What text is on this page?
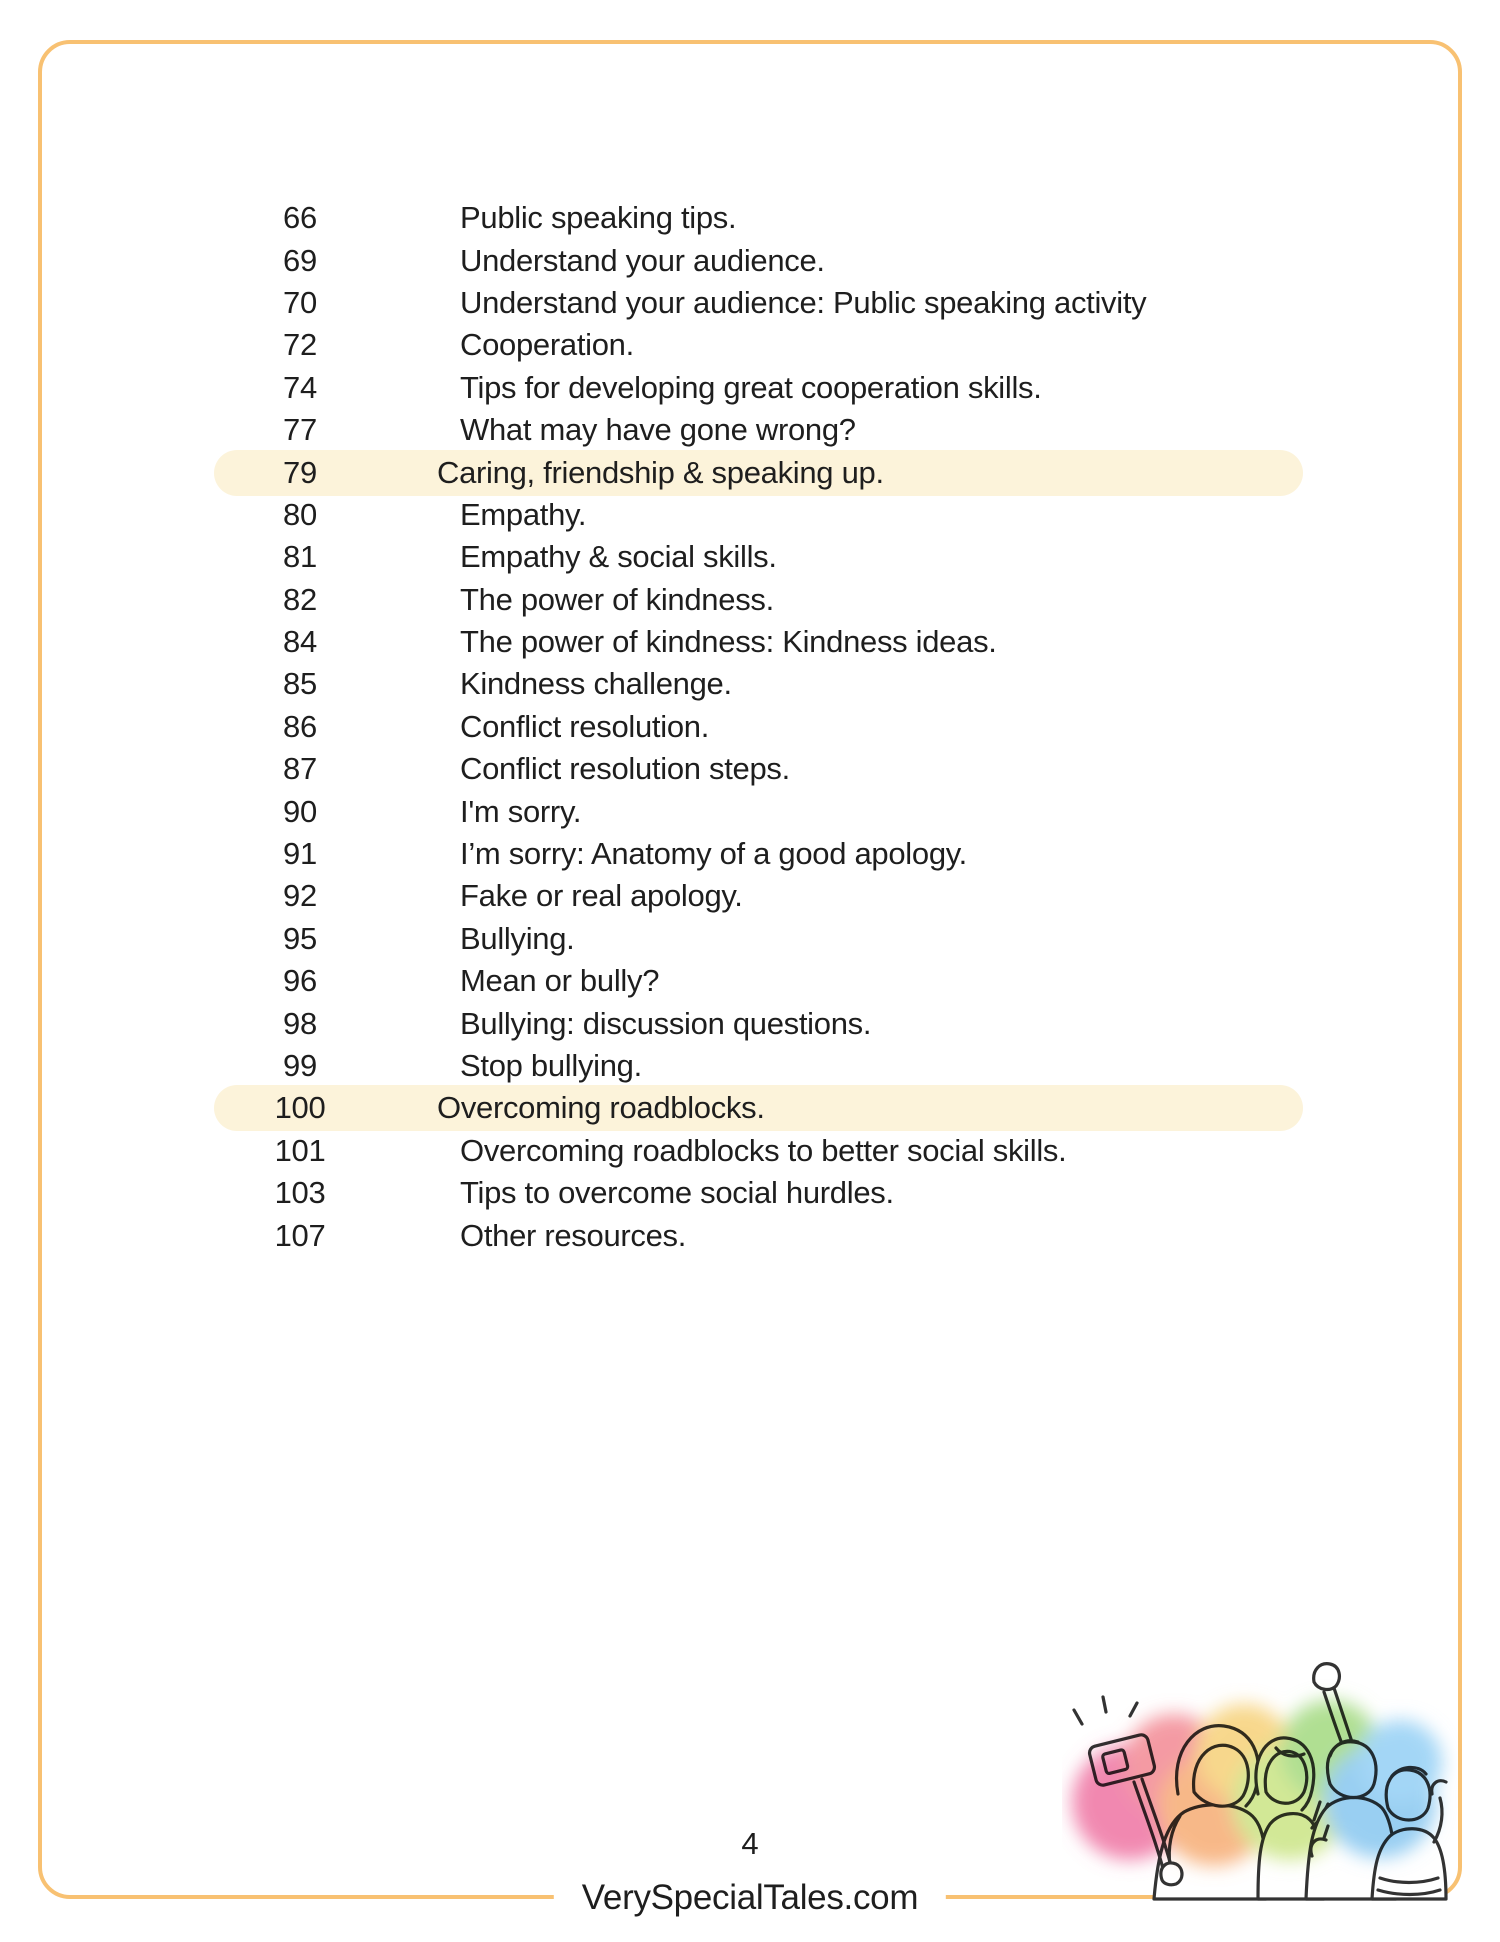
66	Public speaking tips.
69	Understand your audience.
70	Understand your audience: Public speaking activity
72	Cooperation.
74	Tips for developing great cooperation skills.
77	What may have gone wrong?
79	Caring, friendship & speaking up.
80	Empathy.
81	Empathy & social skills.
82	The power of kindness.
84	The power of kindness: Kindness ideas.
85	Kindness challenge.
86	Conflict resolution.
87	Conflict resolution steps.
90	I'm sorry.
91	I’m sorry: Anatomy of a good apology.
92	Fake or real apology.
95	Bullying.
96	Mean or bully?
98	Bullying: discussion questions.
99	Stop bullying.
100	Overcoming roadblocks.
101	Overcoming roadblocks to better social skills.
103	Tips to overcome social hurdles.
107	Other resources.
4
VerySpecialTales.com
